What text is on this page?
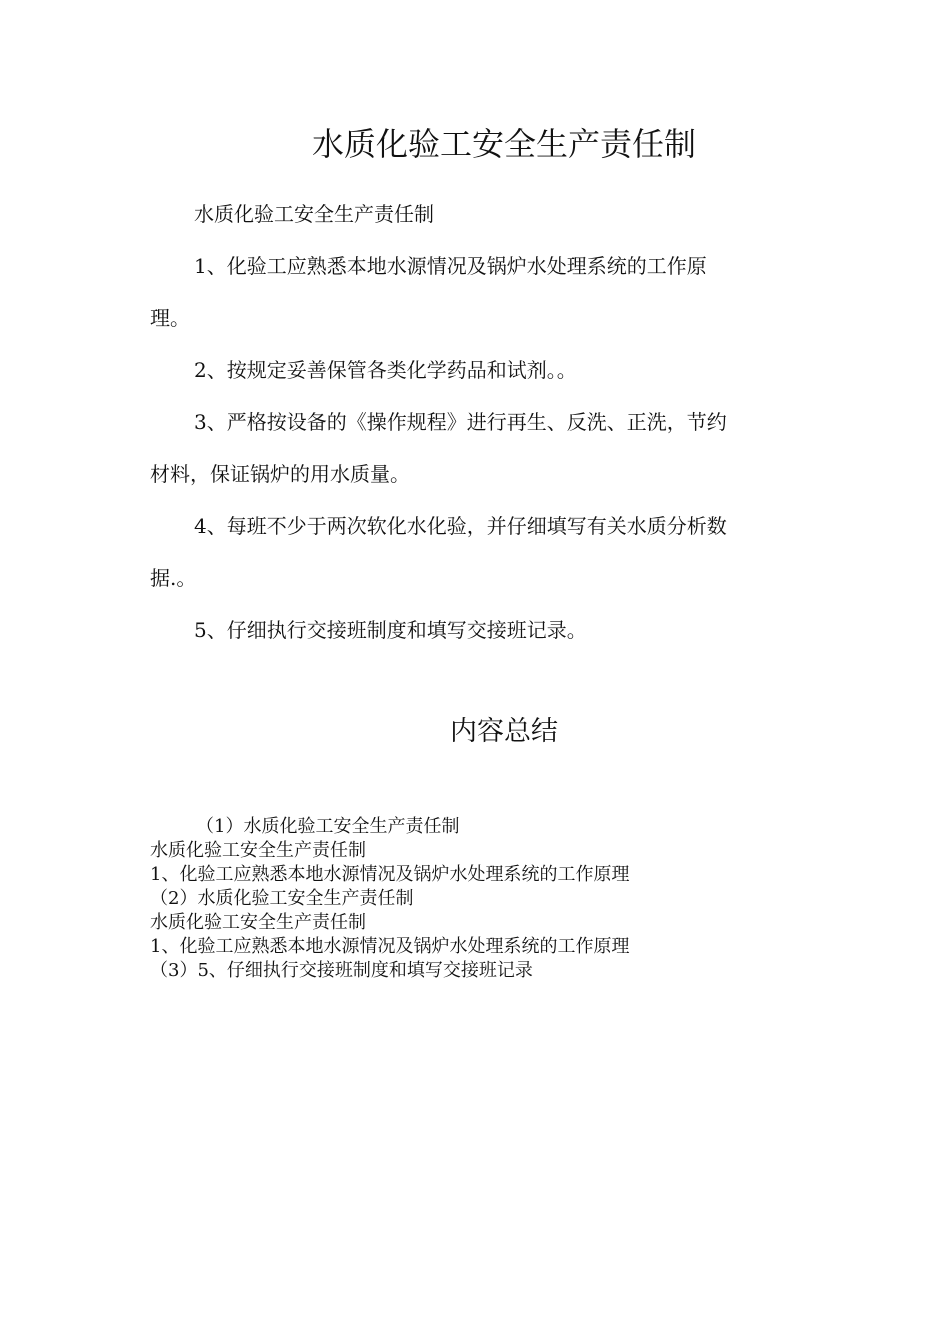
水质化验工安全生产责任制

水质化验工安全生产责任制

1、化验工应熟悉本地水源情况及锅炉水处理系统的工作原

理。

2、按规定妥善保管各类化学药品和试剂。。

3、严格按设备的《操作规程》进行再生、反洗、正洗，节约

材料，保证锅炉的用水质量。

4、每班不少于两次软化水化验，并仔细填写有关水质分析数

据.。

5、仔细执行交接班制度和填写交接班记录。

内容总结

（1）水质化验工安全生产责任制

水质化验工安全生产责任制

1、化验工应熟悉本地水源情况及锅炉水处理系统的工作原理

（2）水质化验工安全生产责任制

水质化验工安全生产责任制

1、化验工应熟悉本地水源情况及锅炉水处理系统的工作原理

（3）5、仔细执行交接班制度和填写交接班记录
